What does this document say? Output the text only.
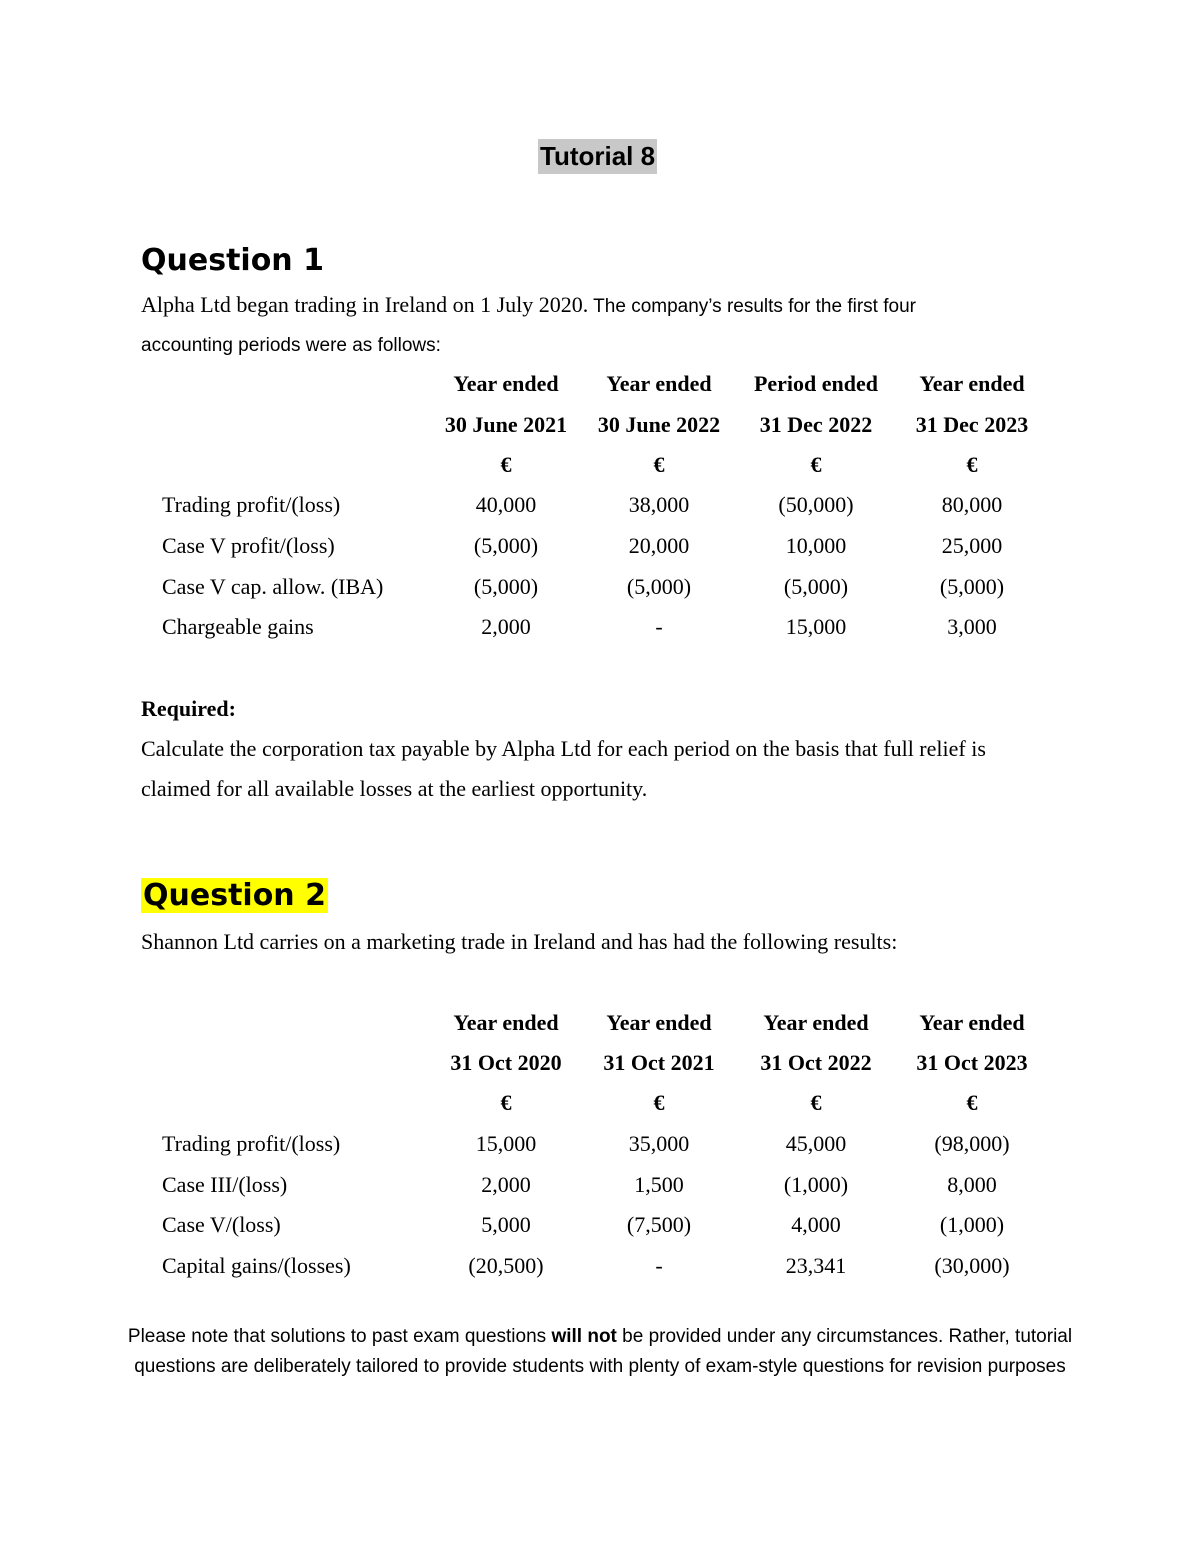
Tutorial 8
Question 1
Alpha Ltd began trading in Ireland on 1 July 2020. The company’s results for the first four
accounting periods were as follows:
Year ended	Year ended	Period ended	Year ended
30 June 2021	30 June 2022	31 Dec 2022	31 Dec 2023
€	€	€	€
Trading profit/(loss)	40,000	38,000	(50,000)	80,000
Case V profit/(loss)	(5,000)	20,000	10,000	25,000
Case V cap. allow. (IBA)	(5,000)	(5,000)	(5,000)	(5,000)
Chargeable gains	2,000	-	15,000	3,000
Required:
Calculate the corporation tax payable by Alpha Ltd for each period on the basis that full relief is
claimed for all available losses at the earliest opportunity.
Question 2
Shannon Ltd carries on a marketing trade in Ireland and has had the following results:
Year ended	Year ended	Year ended	Year ended
31 Oct 2020	31 Oct 2021	31 Oct 2022	31 Oct 2023
€	€	€	€
Trading profit/(loss)	15,000	35,000	45,000	(98,000)
Case III/(loss)	2,000	1,500	(1,000)	8,000
Case V/(loss)	5,000	(7,500)	4,000	(1,000)
Capital gains/(losses)	(20,500)	-	23,341	(30,000)
Please note that solutions to past exam questions will not be provided under any circumstances. Rather, tutorial questions are deliberately tailored to provide students with plenty of exam-style questions for revision purposes
